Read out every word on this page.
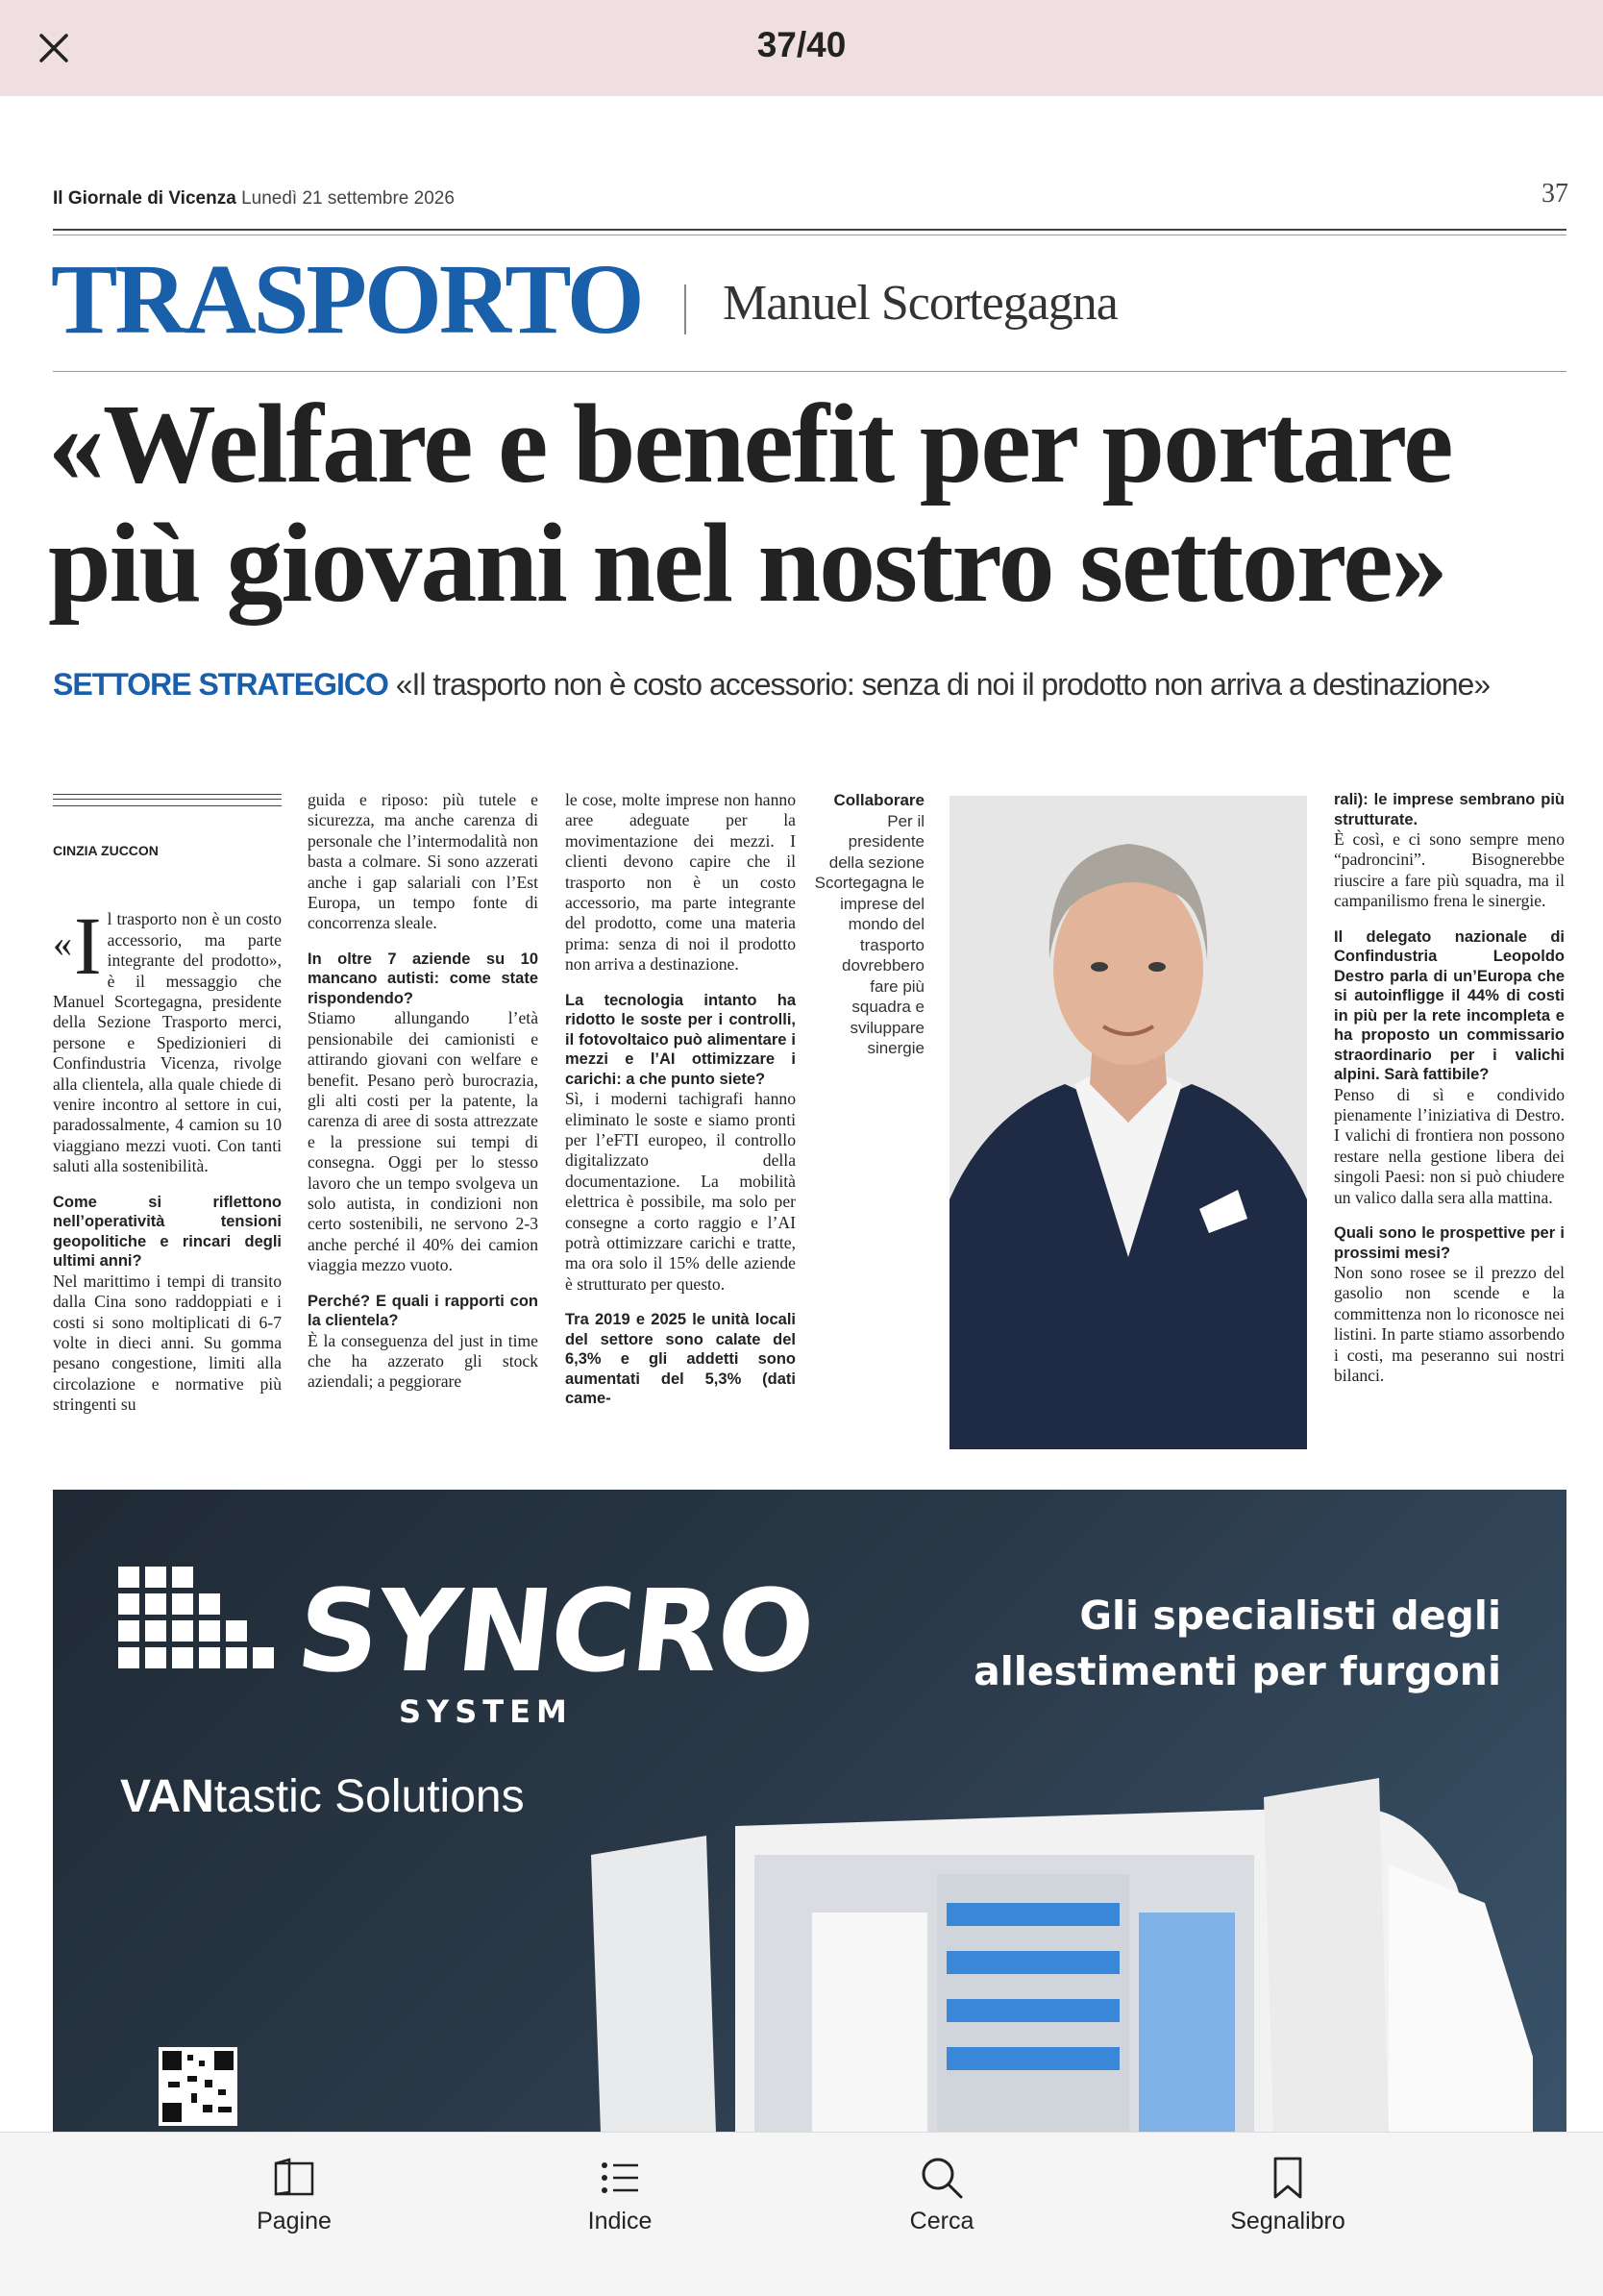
37/40
Il Giornale di Vicenza Lunedì 21 settembre 2026	37
TRASPORTO Manuel Scortegagna
«Welfare e benefit per portare
più giovani nel nostro settore»
SETTORE STRATEGICO «Il trasporto non è costo accessorio: senza di noi il prodotto non arriva a destinazione»
CINZIA ZUCCON

« I l trasporto non è un costo accessorio, ma parte integrante del prodotto», è il messaggio che Manuel Scortegagna, presidente della Sezione Trasporto merci, persone e Spedizionieri di Confindustria Vicenza, rivolge alla clientela, alla quale chiede di venire incontro al settore in cui, paradossalmente, 4 camion su 10 viaggiano mezzi vuoti. Con tanti saluti alla sostenibilità.

Come si riflettono nell’operatività tensioni geopolitiche e rincari degli ultimi anni?

Nel marittimo i tempi di transito dalla Cina sono raddoppiati e i costi si sono moltiplicati di 6-7 volte in dieci anni. Su gomma pesano congestione, limiti alla circolazione e normative più stringenti su

guida e riposo: più tutele e sicurezza, ma anche carenza di personale che l’intermodalità non basta a colmare. Si sono azzerati anche i gap salariali con l’Est Europa, un tempo fonte di concorrenza sleale.

In oltre 7 aziende su 10 mancano autisti: come state rispondendo?

Stiamo allungando l’età pensionabile dei camionisti e attirando giovani con welfare e benefit. Pesano però burocrazia, gli alti costi per la patente, la carenza di aree di sosta attrezzate e la pressione sui tempi di consegna. Oggi per lo stesso lavoro che un tempo svolgeva un solo autista, in condizioni non certo sostenibili, ne servono 2-3 anche perché il 40% dei camion viaggia mezzo vuoto.

Perché? E quali i rapporti con la clientela?

È la conseguenza del just in time che ha azzerato gli stock aziendali; a peggiorare

le cose, molte imprese non hanno aree adeguate per la movimentazione dei mezzi. I clienti devono capire che il trasporto non è un costo accessorio, ma parte integrante del prodotto, come una materia prima: senza di noi il prodotto non arriva a destinazione.

La tecnologia intanto ha ridotto le soste per i controlli, il fotovoltaico può alimentare i mezzi e l’AI ottimizzare i carichi: a che punto siete?

Sì, i moderni tachigrafi hanno eliminato le soste e siamo pronti per l’eFTI europeo, il controllo digitalizzato della documentazione. La mobilità elettrica è possibile, ma solo per consegne a corto raggio e l’AI potrà ottimizzare carichi e tratte, ma ora solo il 15% delle aziende è strutturato per questo.

Tra 2019 e 2025 le unità locali del settore sono calate del 6,3% e gli addetti sono aumentati del 5,3% (dati came-

Collaborare
Per il presidente della sezione Scortegagna le imprese del mondo del trasporto dovrebbero fare più squadra e sviluppare sinergie

rali): le imprese sembrano più strutturate.

È così, e ci sono sempre meno “padroncini”. Bisognerebbe riuscire a fare più squadra, ma il campanilismo frena le sinergie.

Il delegato nazionale di Confindustria Leopoldo Destro parla di un’Europa che si autoinfligge il 44% di costi in più per la rete incompleta e ha proposto un commissario straordinario per i valichi alpini. Sarà fattibile?

Penso di sì e condivido pienamente l’iniziativa di Destro. I valichi di frontiera non possono restare nella gestione libera dei singoli Paesi: non si può chiudere un valico dalla sera alla mattina.

Quali sono le prospettive per i prossimi mesi?

Non sono rosee se il prezzo del gasolio non scende e la committenza non lo riconosce nei listini. In parte stiamo assorbendo i costi, ma peseranno sui nostri bilanci.

SYNCRO
SYSTEM
VANtastic Solutions
Gli specialisti degli
allestimenti per furgoni
Pagine	Indice	Cerca	Segnalibro
